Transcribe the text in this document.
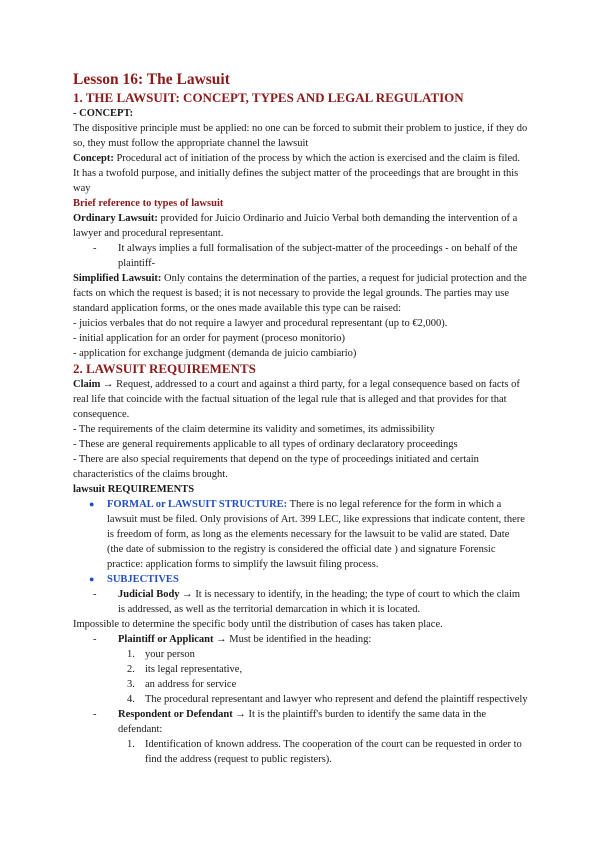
Lesson 16: The Lawsuit
1. THE LAWSUIT: CONCEPT, TYPES AND LEGAL REGULATION

- CONCEPT:

The dispositive principle must be applied: no one can be forced to submit their problem to justice, if they do so, they must follow the appropriate channel the lawsuit

Concept: Procedural act of initiation of the process by which the action is exercised and the claim is filed. It has a twofold purpose, and initially defines the subject matter of the proceedings that are brought in this way

Brief reference to types of lawsuit

Ordinary Lawsuit: provided for Juicio Ordinario and Juicio Verbal both demanding the intervention of a lawyer and procedural representant.

- It always implies a full formalisation of the subject-matter of the proceedings - on behalf of the plaintiff-

Simplified Lawsuit: Only contains the determination of the parties, a request for judicial protection and the facts on which the request is based; it is not necessary to provide the legal grounds. The parties may use standard application forms, or the ones made available this type can be raised:

- juicios verbales that do not require a lawyer and procedural representant (up to €2,000).

- initial application for an order for payment (proceso monitorio)

- application for exchange judgment (demanda de juicio cambiario)

2. LAWSUIT REQUIREMENTS

Claim → Request, addressed to a court and against a third party, for a legal consequence based on facts of real life that coincide with the factual situation of the legal rule that is alleged and that provides for that consequence.

- The requirements of the claim determine its validity and sometimes, its admissibility

- These are general requirements applicable to all types of ordinary declaratory proceedings

- There are also special requirements that depend on the type of proceedings initiated and certain characteristics of the claims brought.

lawsuit REQUIREMENTS

● FORMAL or LAWSUIT STRUCTURE: There is no legal reference for the form in which a lawsuit must be filed. Only provisions of Art. 399 LEC, like expressions that indicate content, there is freedom of form, as long as the elements necessary for the lawsuit to be valid are stated. Date (the date of submission to the registry is considered the official date ) and signature Forensic practice: application forms to simplify the lawsuit filing process.

● SUBJECTIVES

- Judicial Body → It is necessary to identify, in the heading; the type of court to which the claim is addressed, as well as the territorial demarcation in which it is located.

Impossible to determine the specific body until the distribution of cases has taken place.

- Plaintiff or Applicant → Must be identified in the heading:

1. your person

2. its legal representative,

3. an address for service

4. The procedural representant and lawyer who represent and defend the plaintiff respectively

- Respondent or Defendant → It is the plaintiff's burden to identify the same data in the defendant:

1. Identification of known address. The cooperation of the court can be requested in order to find the address (request to public registers).
